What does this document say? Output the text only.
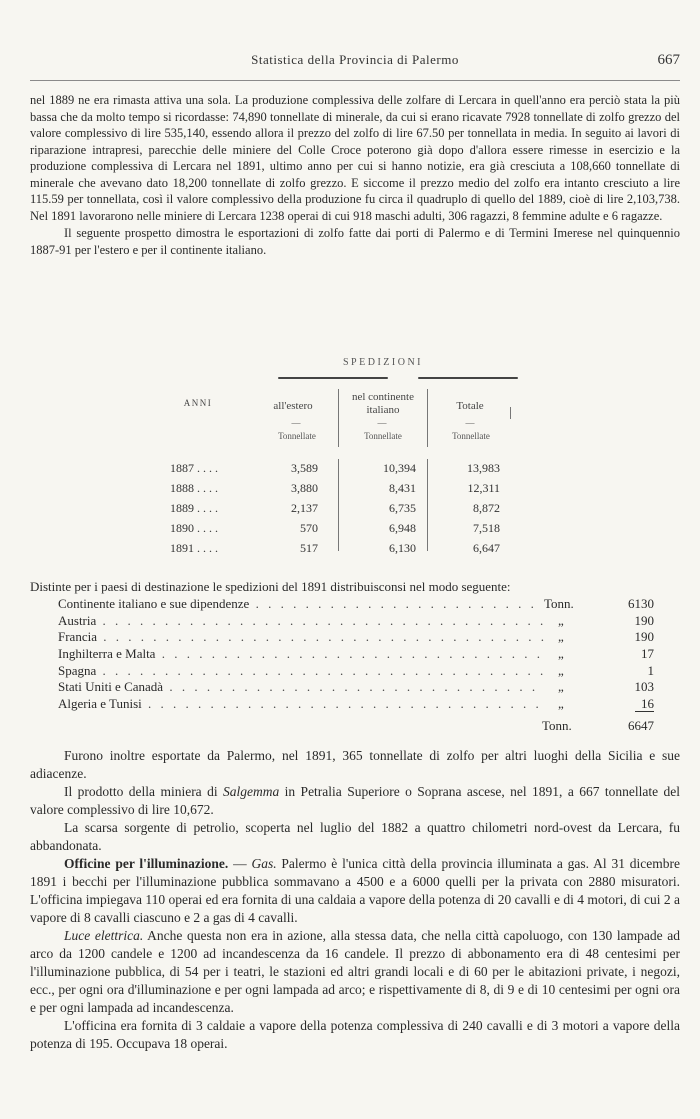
Statistica della Provincia di Palermo	667

nel 1889 ne era rimasta attiva una sola. La produzione complessiva delle zolfare di Lercara in quell'anno era perciò stata la più bassa che da molto tempo si ricordasse: 74,890 tonnellate di minerale, da cui si erano ricavate 7928 tonnellate di zolfo grezzo del valore complessivo di lire 535,140, essendo allora il prezzo del zolfo di lire 67.50 per tonnellata in media. In seguito ai lavori di riparazione intrapresi, parecchie delle miniere del Colle Croce poterono già dopo d'allora essere rimesse in esercizio e la produzione complessiva di Lercara nel 1891, ultimo anno per cui si hanno notizie, era già cresciuta a 108,660 tonnellate di minerale che avevano dato 18,200 tonnellate di zolfo grezzo. E siccome il prezzo medio del zolfo era intanto cresciuto a lire 115.59 per tonnellata, così il valore complessivo della produzione fu circa il quadruplo di quello del 1889, cioè di lire 2,103,738. Nel 1891 lavorarono nelle miniere di Lercara 1238 operai di cui 918 maschi adulti, 306 ragazzi, 8 femmine adulte e 6 ragazze.

Il seguente prospetto dimostra le esportazioni di zolfo fatte dai porti di Palermo e di Termini Imerese nel quinquennio 1887-91 per l'estero e per il continente italiano.

SPEDIZIONI
ANNI	all'estero
nel continente italiano	Totale
—	—	—
Tonnellate	Tonnellate	Tonnellate
1887 . . . .	3,589	10,394	13,983
1888 . . . .	3,880	8,431	12,311
1889 . . . .	2,137	6,735	8,872
1890 . . . .	570	6,948	7,518
1891 . . . .	517	6,130	6,647
Distinte per i paesi di destinazione le spedizioni del 1891 distribuisconsi nel modo seguente:
Continente italiano e sue dipendenze . . .	Tonn.	6130
Austria . . .	„	190
Francia . . .	„	190
Inghilterra e Malta . . .	„	17
Spagna . . .	„	1
Stati Uniti e Canadà . . .	„	103
Algeria e Tunisi . . .	„	16
Tonn.	6647

Furono inoltre esportate da Palermo, nel 1891, 365 tonnellate di zolfo per altri luoghi della Sicilia e sue adiacenze.

Il prodotto della miniera di Salgemma in Petralia Superiore o Soprana ascese, nel 1891, a 667 tonnellate del valore complessivo di lire 10,672.

La scarsa sorgente di petrolio, scoperta nel luglio del 1882 a quattro chilometri nord-ovest da Lercara, fu abbandonata.

Officine per l'illuminazione. — Gas. Palermo è l'unica città della provincia illuminata a gas. Al 31 dicembre 1891 i becchi per l'illuminazione pubblica sommavano a 4500 e a 6000 quelli per la privata con 2880 misuratori. L'officina impiegava 110 operai ed era fornita di una caldaia a vapore della potenza di 20 cavalli e di 4 motori, di cui 2 a vapore di 8 cavalli ciascuno e 2 a gas di 4 cavalli.

Luce elettrica. Anche questa non era in azione, alla stessa data, che nella città capoluogo, con 130 lampade ad arco da 1200 candele e 1200 ad incandescenza da 16 candele. Il prezzo di abbonamento era di 48 centesimi per l'illuminazione pubblica, di 54 per i teatri, le stazioni ed altri grandi locali e di 60 per le abitazioni private, i negozi, ecc., per ogni ora d'illuminazione e per ogni lampada ad arco; e rispettivamente di 8, di 9 e di 10 centesimi per ogni ora e per ogni lampada ad incandescenza.

L'officina era fornita di 3 caldaie a vapore della potenza complessiva di 240 cavalli e di 3 motori a vapore della potenza di 195. Occupava 18 operai.
